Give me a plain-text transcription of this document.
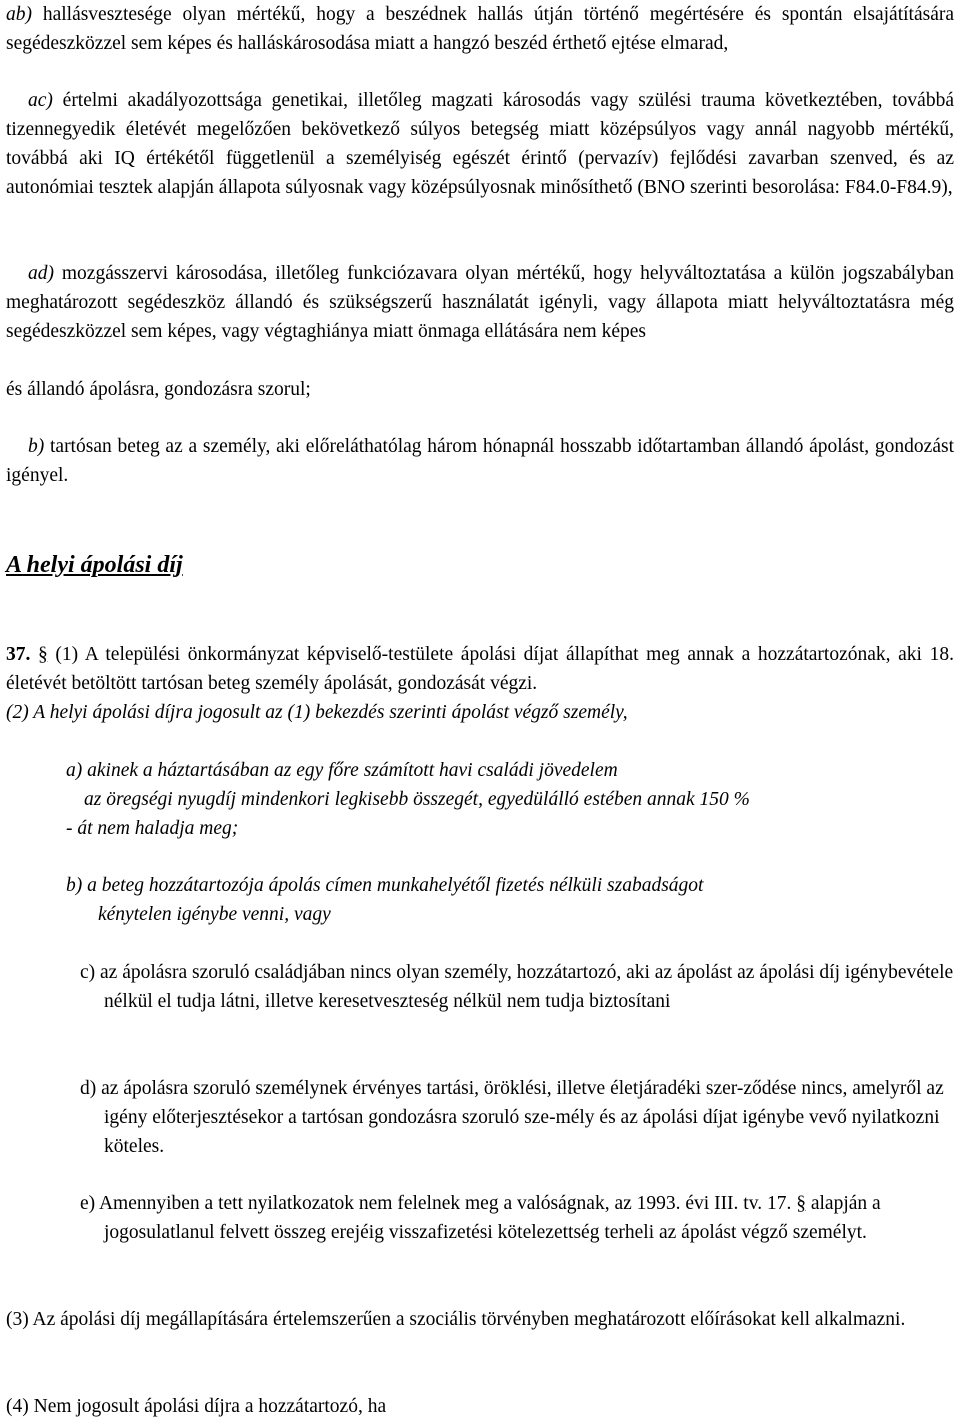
ab) hallásvesztesége olyan mértékű, hogy a beszédnek hallás útján történő megértésére és spontán elsajátítására segédeszközzel sem képes és halláskárosodása miatt a hangzó beszéd érthető ejtése elmarad,

ac) értelmi akadályozottsága genetikai, illetőleg magzati károsodás vagy szülési trauma következtében, továbbá tizennegyedik életévét megelőzően bekövetkező súlyos betegség miatt középsúlyos vagy annál nagyobb mértékű, továbbá aki IQ értékétől függetlenül a személyiség egészét érintő (pervazív) fejlődési zavarban szenved, és az autonómiai tesztek alapján állapota súlyosnak vagy középsúlyosnak minősíthető (BNO szerinti besorolása: F84.0-F84.9),

ad) mozgásszervi károsodása, illetőleg funkciózavara olyan mértékű, hogy helyváltoztatása a külön jogszabályban meghatározott segédeszköz állandó és szükségszerű használatát igényli, vagy állapota miatt helyváltoztatásra még segédeszközzel sem képes, vagy végtaghiánya miatt önmaga ellátására nem képes

és állandó ápolásra, gondozásra szorul;

b) tartósan beteg az a személy, aki előreláthatólag három hónapnál hosszabb időtartamban állandó ápolást, gondozást igényel.

A helyi ápolási díj

37. § (1) A települési önkormányzat képviselő-testülete ápolási díjat állapíthat meg annak a hozzátartozónak, aki 18. életévét betöltött tartósan beteg személy ápolását, gondozását végzi.

(2) A helyi ápolási díjra jogosult az (1) bekezdés szerinti ápolást végző személy,

a) akinek a háztartásában az egy főre számított havi családi jövedelem

az öregségi nyugdíj mindenkori legkisebb összegét, egyedülálló estében annak 150 %

- át nem haladja meg;

b) a beteg hozzátartozója ápolás címen munkahelyétől fizetés nélküli szabadságot

kénytelen igénybe venni, vagy

c) az ápolásra szoruló családjában nincs olyan személy, hozzátartozó, aki az ápolást az ápolási díj igénybevétele nélkül el tudja látni, illetve keresetveszteség nélkül nem tudja biztosítani

d) az ápolásra szoruló személynek érvényes tartási, öröklési, illetve életjáradéki szer-ződése nincs, amelyről az igény előterjesztésekor a tartósan gondozásra szoruló sze-mély és az ápolási díjat igénybe vevő nyilatkozni köteles.

e) Amennyiben a tett nyilatkozatok nem felelnek meg a valóságnak, az 1993. évi III. tv. 17. § alapján a jogosulatlanul felvett összeg erejéig visszafizetési kötelezettség terheli az ápolást végző személyt.

(3) Az ápolási díj megállapítására értelemszerűen a szociális törvényben meghatározott előírásokat kell alkalmazni.

(4) Nem jogosult ápolási díjra a hozzátartozó, ha
